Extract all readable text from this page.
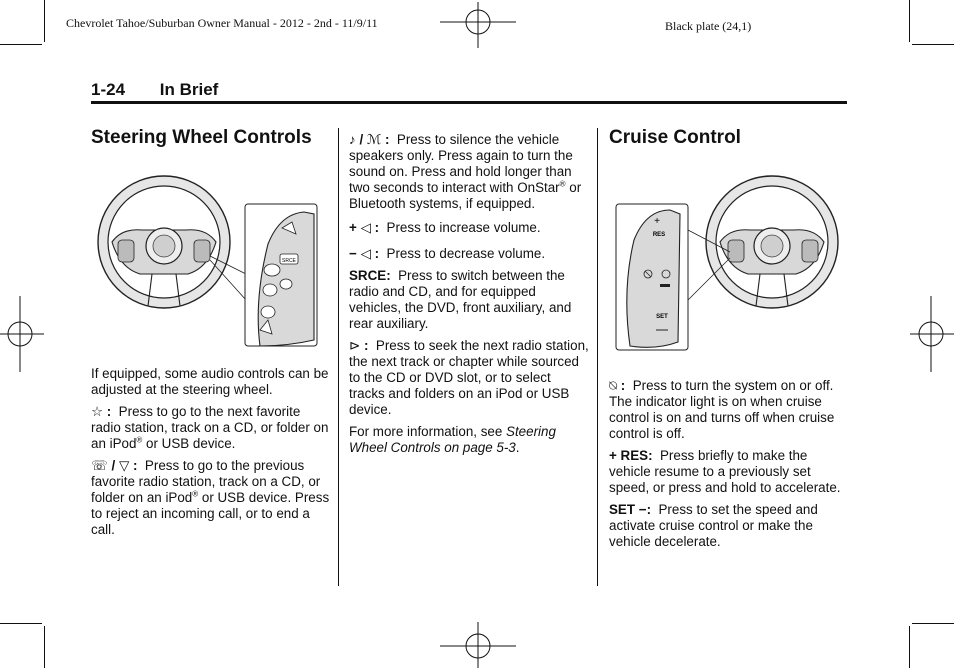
Chevrolet Tahoe/Suburban Owner Manual - 2012 - 2nd - 11/9/11	Black plate (24,1)
1-24 In Brief
Steering Wheel Controls
SRCE

If equipped, some audio controls can be adjusted at the steering wheel.

☆ : Press to go to the next favorite radio station, track on a CD, or folder on an iPod® or USB device.

☏ / ▽ : Press to go to the previous favorite radio station, track on a CD, or folder on an iPod® or USB device. Press to reject an incoming call, or to end a call.

♪ / ℳ : Press to silence the vehicle speakers only. Press again to turn the sound on. Press and hold longer than two seconds to interact with OnStar® or Bluetooth systems, if equipped.

+ ◁ : Press to increase volume.

− ◁ : Press to decrease volume.

SRCE: Press to switch between the radio and CD, and for equipped vehicles, the DVD, front auxiliary, and rear auxiliary.

⊳ : Press to seek the next radio station, the next track or chapter while sourced to the CD or DVD slot, or to select tracks and folders on an iPod or USB device.

For more information, see Steering Wheel Controls on page 5-3.

Cruise Control
+
RES
SET

⍉ : Press to turn the system on or off. The indicator light is on when cruise control is on and turns off when cruise control is off.

+ RES: Press briefly to make the vehicle resume to a previously set speed, or press and hold to accelerate.

SET −: Press to set the speed and activate cruise control or make the vehicle decelerate.
